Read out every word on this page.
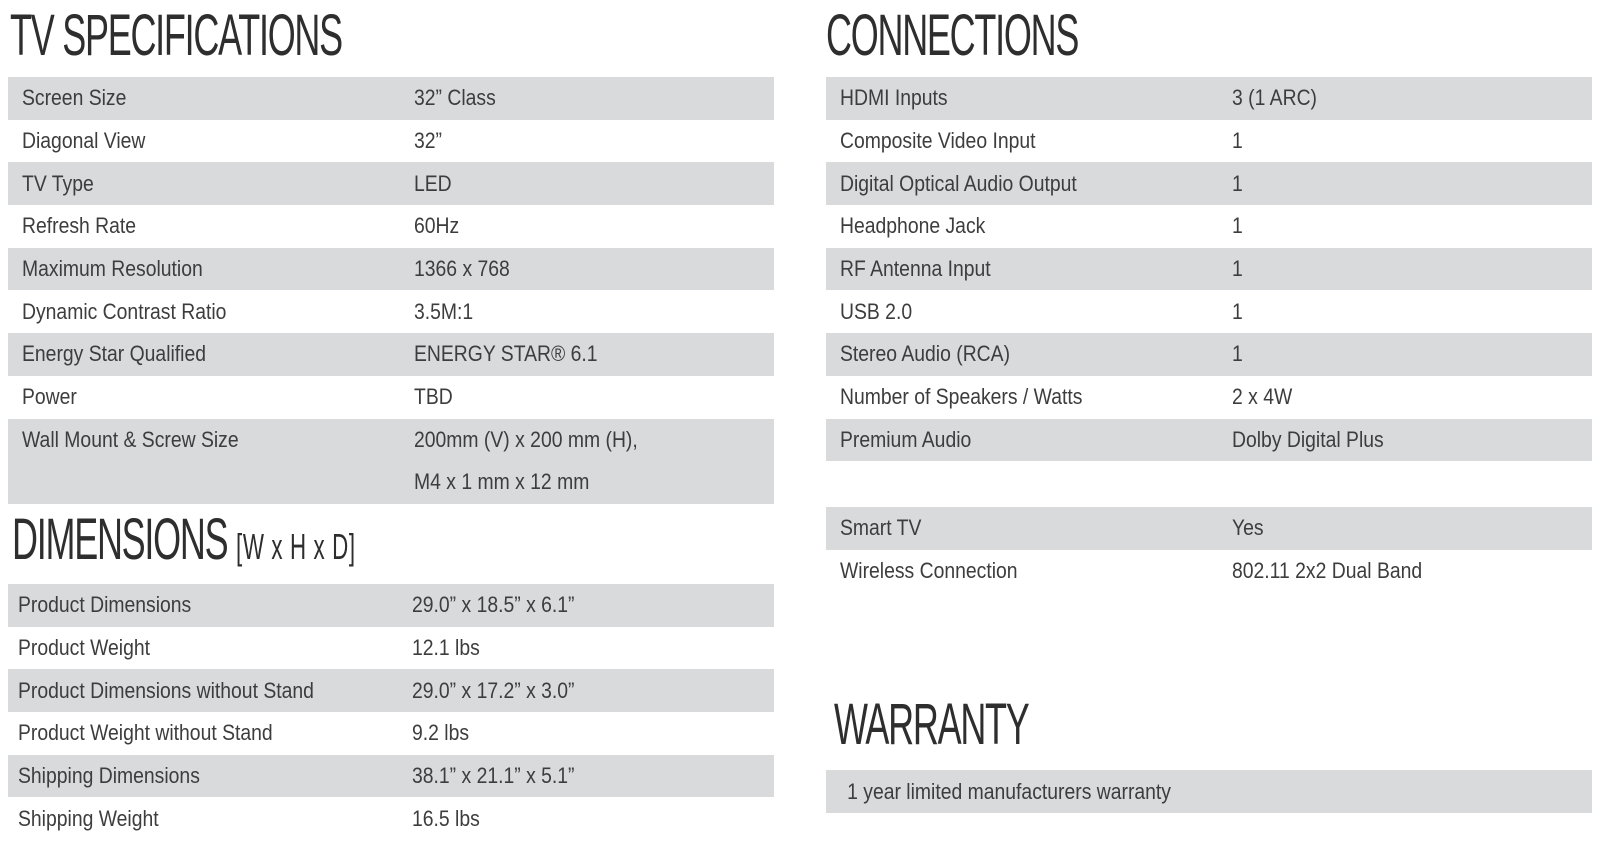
TV SPECIFICATIONS
Screen Size	32” Class
Diagonal View	32”
TV Type	LED
Refresh Rate	60Hz
Maximum Resolution	1366 x 768
Dynamic Contrast Ratio	3.5M:1
Energy Star Qualified	ENERGY STAR® 6.1
Power	TBD

Wall Mount & Screw Size	200mm (V) x 200 mm (H),
M4 x 1 mm x 12 mm
DIMENSIONS [W x H x D]
Product Dimensions	29.0” x 18.5” x 6.1”
Product Weight	12.1 lbs
Product Dimensions without Stand	29.0” x 17.2” x 3.0”
Product Weight without Stand	9.2 lbs
Shipping Dimensions	38.1” x 21.1” x 5.1”
Shipping Weight	16.5 lbs
CONNECTIONS
HDMI Inputs	3 (1 ARC)
Composite Video Input	1
Digital Optical Audio Output	1
Headphone Jack	1
RF Antenna Input	1
USB 2.0	1
Stereo Audio (RCA)	1
Number of Speakers / Watts	2 x 4W
Premium Audio	Dolby Digital Plus
Smart TV	Yes
Wireless Connection	802.11 2x2 Dual Band
WARRANTY
1 year limited manufacturers warranty
